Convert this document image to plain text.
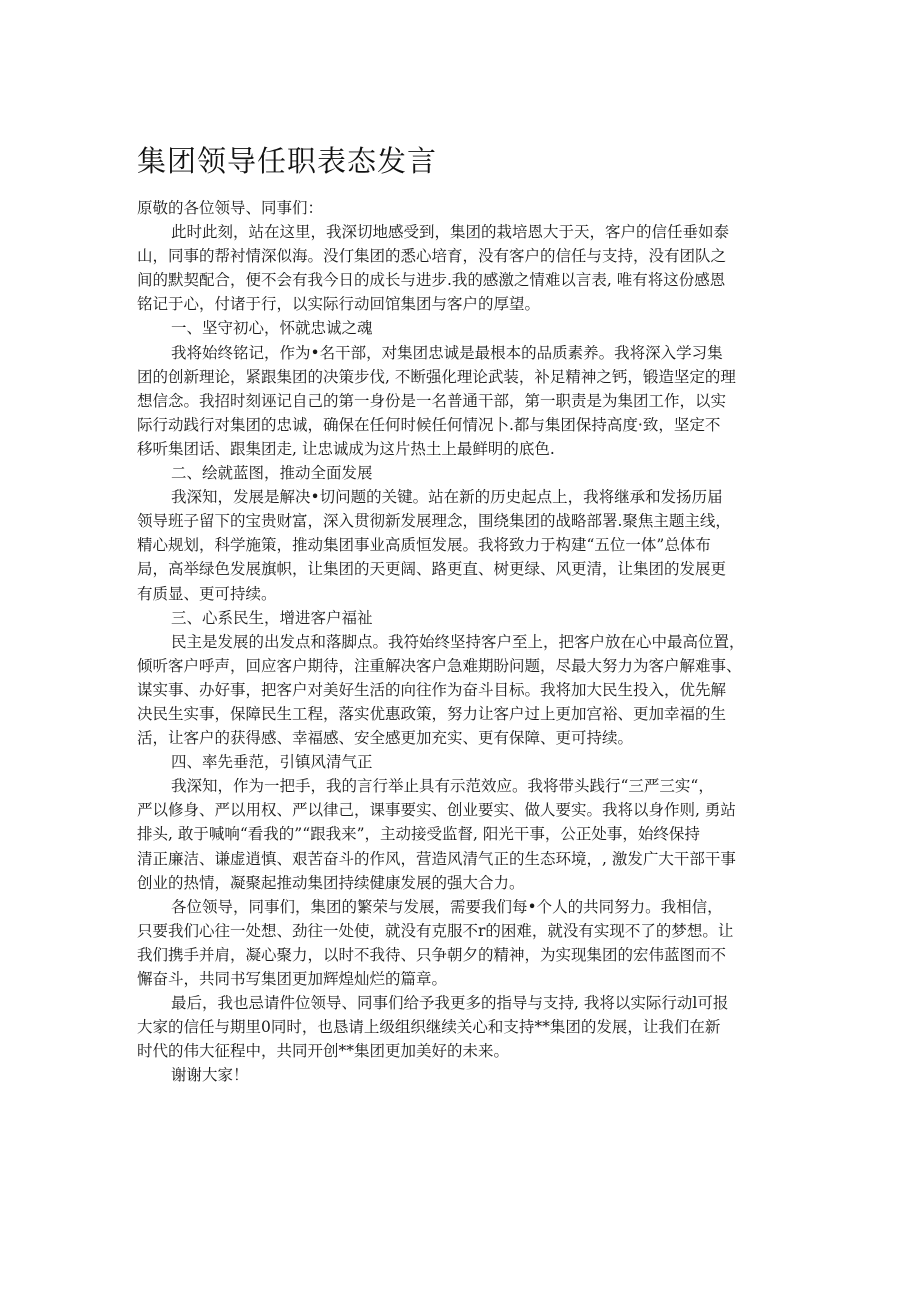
集团领导任职表态发言
原敬的各位领导、同事们：
此时此刻，站在这里，我深切地感受到，集团的栽培恩大于天，客户的信任垂如泰
山，同事的帮衬情深似海。没仃集团的悉心培育，没有客户的信任与支持，没有团队之
间的默契配合，便不会有我今日的成长与进步.我的感激之情难以言表, 唯有将这份感恩
铭记于心，付诸于行，以实际行动回馆集团与客户的厚望。
一、坚守初心，怀就忠诚之魂
我将始终铭记，作为•名干部，对集团忠诚是最根本的品质素养。我将深入学习集
团的创新理论，紧跟集团的决策步伐, 不断强化理论武装，补足精神之钙，锻造坚定的理
想信念。我招时刻诬记自己的第一身份是一名普通干部，第一职责是为集团工作，以实
际行动践行对集团的忠诚，确保在任何时候任何情况卜.都与集团保持高度·致，坚定不
移听集团话、跟集团走, 让忠诚成为这片热土上最鲜明的底色.
二、绘就蓝图，推动全面发展
我深知，发展是解决•切问题的关键。站在新的历史起点上，我将继承和发扬历届
领导班子留下的宝贵财富，深入贯彻新发展理念，围绕集团的战略部署.聚焦主题主线，
精心规划，科学施策，推动集团事业高质恒发展。我将致力于构建“五位一体”总体布
局，高举绿色发展旗帜，让集团的天更阔、路更直、树更绿、风更清，让集团的发展更
有质显、更可持续。
三、心系民生，增进客户福祉
民主是发展的出发点和落脚点。我符始终坚持客户至上，把客户放在心中最高位置，
倾听客户呼声，回应客户期待，注重解决客户急难期盼问题，尽最大努力为客户解难事、
谋实事、办好事，把客户对美好生活的向往作为奋斗目标。我将加大民生投入，优先解
决民生实事，保障民生工程，落实优惠政策，努力让客户过上更加宫裕、更加幸福的生
活，让客户的获得感、幸福感、安全感更加充实、更有保障、更可持续。
四、率先垂范，引镇风清气正
我深知，作为一把手，我的言行举止具有示范效应。我将带头践行“三严三实“，
严以修身、严以用权、严以律己，课事要实、创业要实、做人要实。我将以身作则, 勇站
排头, 敢于喊响“看我的”“跟我来”，主动接受监督, 阳光干事，公正处事，始终保持
清正廉洁、谦虚逍慎、艰苦奋斗的作风，营造风清气正的生态环境，, 激发广大干部干事
创业的热情，凝聚起推动集团持续健康发展的强大合力。
各位领导，同事们，集团的繁荣与发展，需要我们每•个人的共同努力。我相信，
只要我们心往一处想、劲往一处使，就没有克服不r的困难，就没有实现不了的梦想。让
我们携手并肩，凝心聚力，以时不我待、只争朝夕的精神，为实现集团的宏伟蓝图而不
懈奋斗，共同书写集团更加辉煌灿烂的篇章。
最后，我也忌请件位领导、同事们给予我更多的指导与支持, 我将以实际行动l可报
大家的信任与期里0同时，也恳请上级组织继续关心和支持**集团的发展，让我们在新
时代的伟大征程中，共同开创**集团更加美好的未来。
谢谢大家！
